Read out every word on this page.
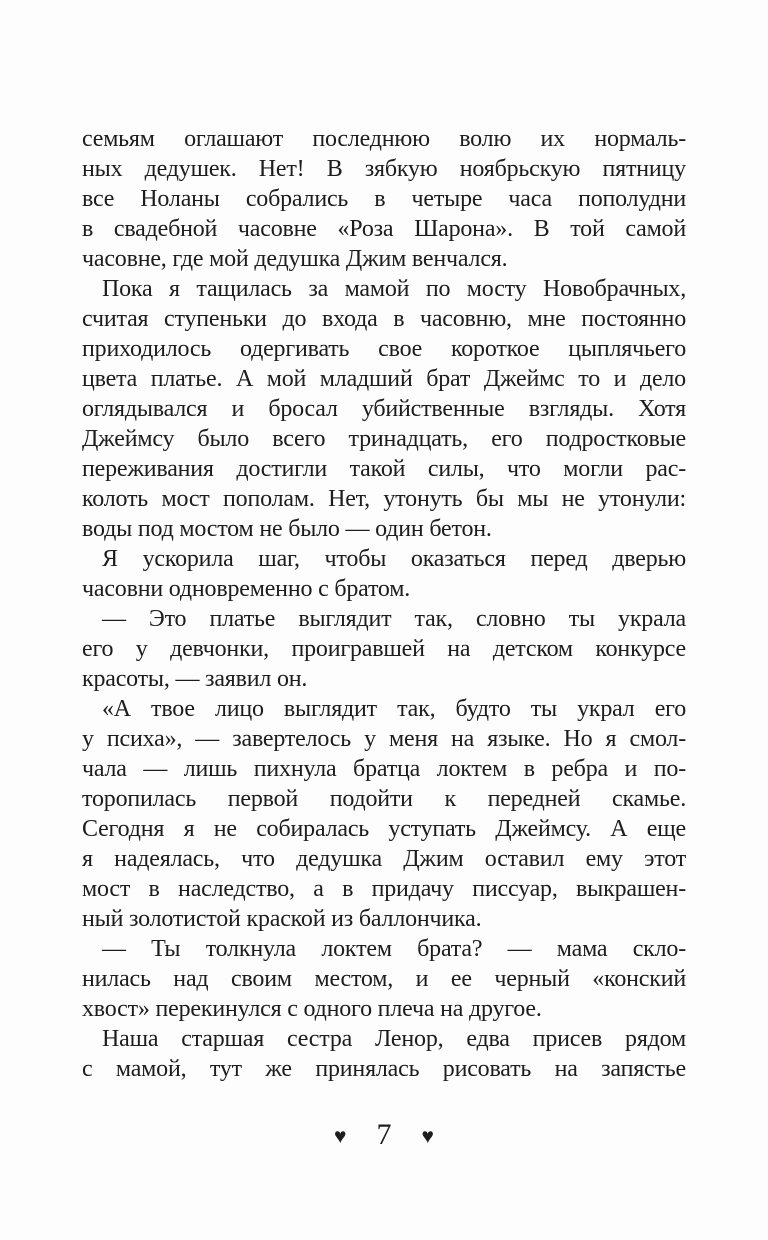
семьям оглашают последнюю волю их нормаль-
ных дедушек. Нет! В зябкую ноябрьскую пятницу
все Ноланы собрались в четыре часа пополудни
в свадебной часовне «Роза Шарона». В той самой
часовне, где мой дедушка Джим венчался.

Пока я тащилась за мамой по мосту Новобрачных,
считая ступеньки до входа в часовню, мне постоянно
приходилось одергивать свое короткое цыплячьего
цвета платье. А мой младший брат Джеймс то и дело
оглядывался и бросал убийственные взгляды. Хотя
Джеймсу было всего тринадцать, его подростковые
переживания достигли такой силы, что могли рас-
колоть мост пополам. Нет, утонуть бы мы не утонули:
воды под мостом не было — один бетон.

Я ускорила шаг, чтобы оказаться перед дверью
часовни одновременно с братом.

— Это платье выглядит так, словно ты украла
его у девчонки, проигравшей на детском конкурсе
красоты, — заявил он.

«А твое лицо выглядит так, будто ты украл его
у психа», — завертелось у меня на языке. Но я смол-
чала — лишь пихнула братца локтем в ребра и по-
торопилась первой подойти к передней скамье.
Сегодня я не собиралась уступать Джеймсу. А еще
я надеялась, что дедушка Джим оставил ему этот
мост в наследство, а в придачу писсуар, выкрашен-
ный золотистой краской из баллончика.

— Ты толкнула локтем брата? — мама скло-
нилась над своим местом, и ее черный «конский
хвост» перекинулся с одного плеча на другое.

Наша старшая сестра Ленор, едва присев рядом
с мамой, тут же принялась рисовать на запястье

♥ 7 ♥
